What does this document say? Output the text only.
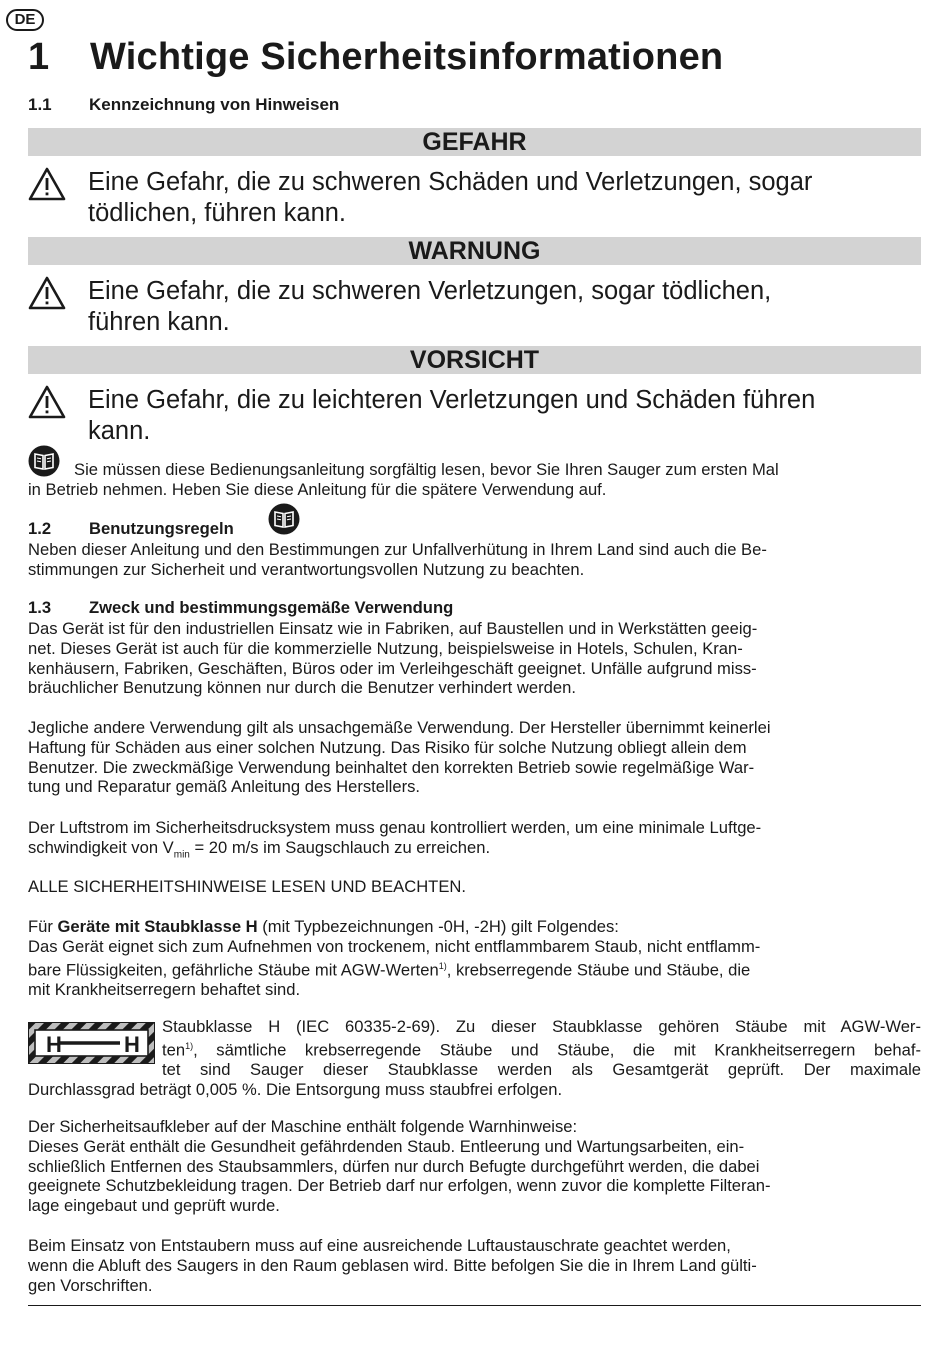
DE
1 Wichtige Sicherheitsinformationen
1.1 Kennzeichnung von Hinweisen
GEFAHR
Eine Gefahr, die zu schweren Schäden und Verletzungen, sogar
tödlichen, führen kann.
WARNUNG
Eine Gefahr, die zu schweren Verletzungen, sogar tödlichen,
führen kann.
VORSICHT
Eine Gefahr, die zu leichteren Verletzungen und Schäden führen
kann.
Sie müssen diese Bedienungsanleitung sorgfältig lesen, bevor Sie Ihren Sauger zum ersten Mal
in Betrieb nehmen. Heben Sie diese Anleitung für die spätere Verwendung auf.
1.2 Benutzungsregeln
Neben dieser Anleitung und den Bestimmungen zur Unfallverhütung in Ihrem Land sind auch die Be-
stimmungen zur Sicherheit und verantwortungsvollen Nutzung zu beachten.
1.3 Zweck und bestimmungsgemäße Verwendung
Das Gerät ist für den industriellen Einsatz wie in Fabriken, auf Baustellen und in Werkstätten geeig-
net. Dieses Gerät ist auch für die kommerzielle Nutzung, beispielsweise in Hotels, Schulen, Kran-
kenhäusern, Fabriken, Geschäften, Büros oder im Verleihgeschäft geeignet. Unfälle aufgrund miss-
bräuchlicher Benutzung können nur durch die Benutzer verhindert werden.
Jegliche andere Verwendung gilt als unsachgemäße Verwendung. Der Hersteller übernimmt keinerlei
Haftung für Schäden aus einer solchen Nutzung. Das Risiko für solche Nutzung obliegt allein dem
Benutzer. Die zweckmäßige Verwendung beinhaltet den korrekten Betrieb sowie regelmäßige War-
tung und Reparatur gemäß Anleitung des Herstellers.
Der Luftstrom im Sicherheitsdrucksystem muss genau kontrolliert werden, um eine minimale Luftge-
schwindigkeit von $V_{min} = 20$ m/s im Saugschlauch zu erreichen.
ALLE SICHERHEITSHINWEISE LESEN UND BEACHTEN.
Für Geräte mit Staubklasse H (mit Typbezeichnungen -0H, -2H) gilt Folgendes:
Das Gerät eignet sich zum Aufnehmen von trockenem, nicht entflammbarem Staub, nicht entflamm-
bare Flüssigkeiten, gefährliche Stäube mit AGW-Werten$^{1)}$, krebserregende Stäube und Stäube, die
mit Krankheitserregern behaftet sind.
H	H
Staubklasse H (IEC 60335-2-69). Zu dieser Staubklasse gehören Stäube mit AGW-Wer-
ten$^{1)}$, sämtliche krebserregende Stäube und Stäube, die mit Krankheitserregern behaf-
tet sind Sauger dieser Staubklasse werden als Gesamtgerät geprüft. Der maximale
Durchlassgrad beträgt 0,005 %. Die Entsorgung muss staubfrei erfolgen.
Der Sicherheitsaufkleber auf der Maschine enthält folgende Warnhinweise:
Dieses Gerät enthält die Gesundheit gefährdenden Staub. Entleerung und Wartungsarbeiten, ein-
schließlich Entfernen des Staubsammlers, dürfen nur durch Befugte durchgeführt werden, die dabei
geeignete Schutzbekleidung tragen. Der Betrieb darf nur erfolgen, wenn zuvor die komplette Filteran-
lage eingebaut und geprüft wurde.
Beim Einsatz von Entstaubern muss auf eine ausreichende Luftaustauschrate geachtet werden,
wenn die Abluft des Saugers in den Raum geblasen wird. Bitte befolgen Sie die in Ihrem Land gülti-
gen Vorschriften.
